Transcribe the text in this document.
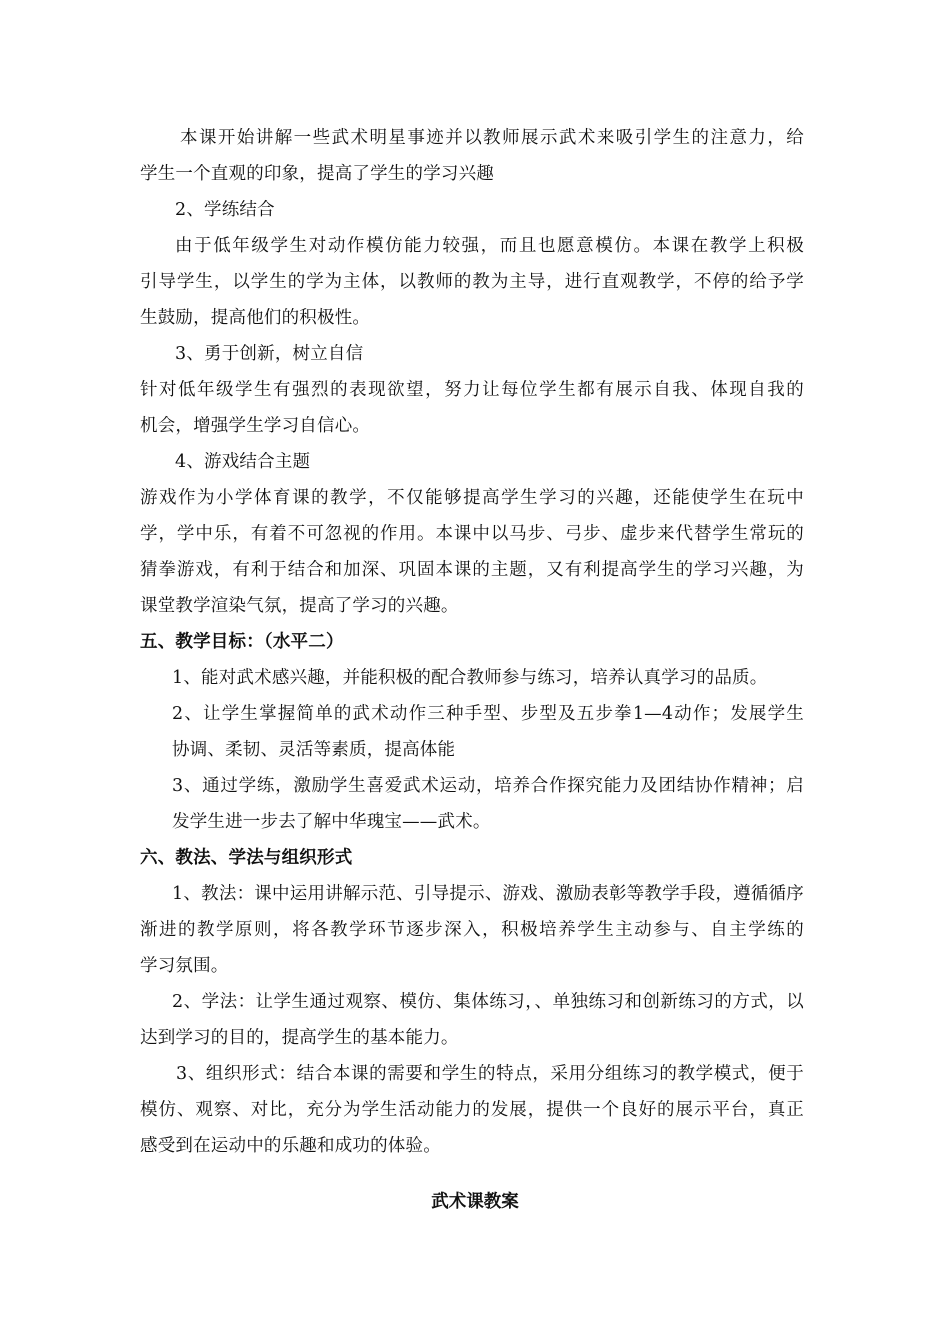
本课开始讲解一些武术明星事迹并以教师展示武术来吸引学生的注意力，给
学生一个直观的印象，提高了学生的学习兴趣
2、学练结合
由于低年级学生对动作模仿能力较强，而且也愿意模仿。本课在教学上积极
引导学生，以学生的学为主体，以教师的教为主导，进行直观教学，不停的给予学
生鼓励，提高他们的积极性。
3、勇于创新，树立自信
针对低年级学生有强烈的表现欲望，努力让每位学生都有展示自我、体现自我的
机会，增强学生学习自信心。
4、游戏结合主题
游戏作为小学体育课的教学，不仅能够提高学生学习的兴趣，还能使学生在玩中
学，学中乐，有着不可忽视的作用。本课中以马步、弓步、虚步来代替学生常玩的
猜拳游戏，有利于结合和加深、巩固本课的主题，又有利提高学生的学习兴趣，为
课堂教学渲染气氛，提高了学习的兴趣。
五、教学目标：（水平二）
1、能对武术感兴趣，并能积极的配合教师参与练习，培养认真学习的品质。
2、让学生掌握简单的武术动作三种手型、步型及五步拳1—4动作；发展学生
协调、柔韧、灵活等素质，提高体能
3、通过学练，激励学生喜爱武术运动，培养合作探究能力及团结协作精神；启
发学生进一步去了解中华瑰宝——武术。
六、教法、学法与组织形式
1、教法：课中运用讲解示范、引导提示、游戏、激励表彰等教学手段，遵循循序
渐进的教学原则，将各教学环节逐步深入，积极培养学生主动参与、自主学练的
学习氛围。
2、学法：让学生通过观察、模仿、集体练习，、单独练习和创新练习的方式，以
达到学习的目的，提高学生的基本能力。
3、组织形式：结合本课的需要和学生的特点，采用分组练习的教学模式，便于
模仿、观察、对比，充分为学生活动能力的发展，提供一个良好的展示平台，真正
感受到在运动中的乐趣和成功的体验。
武术课教案
